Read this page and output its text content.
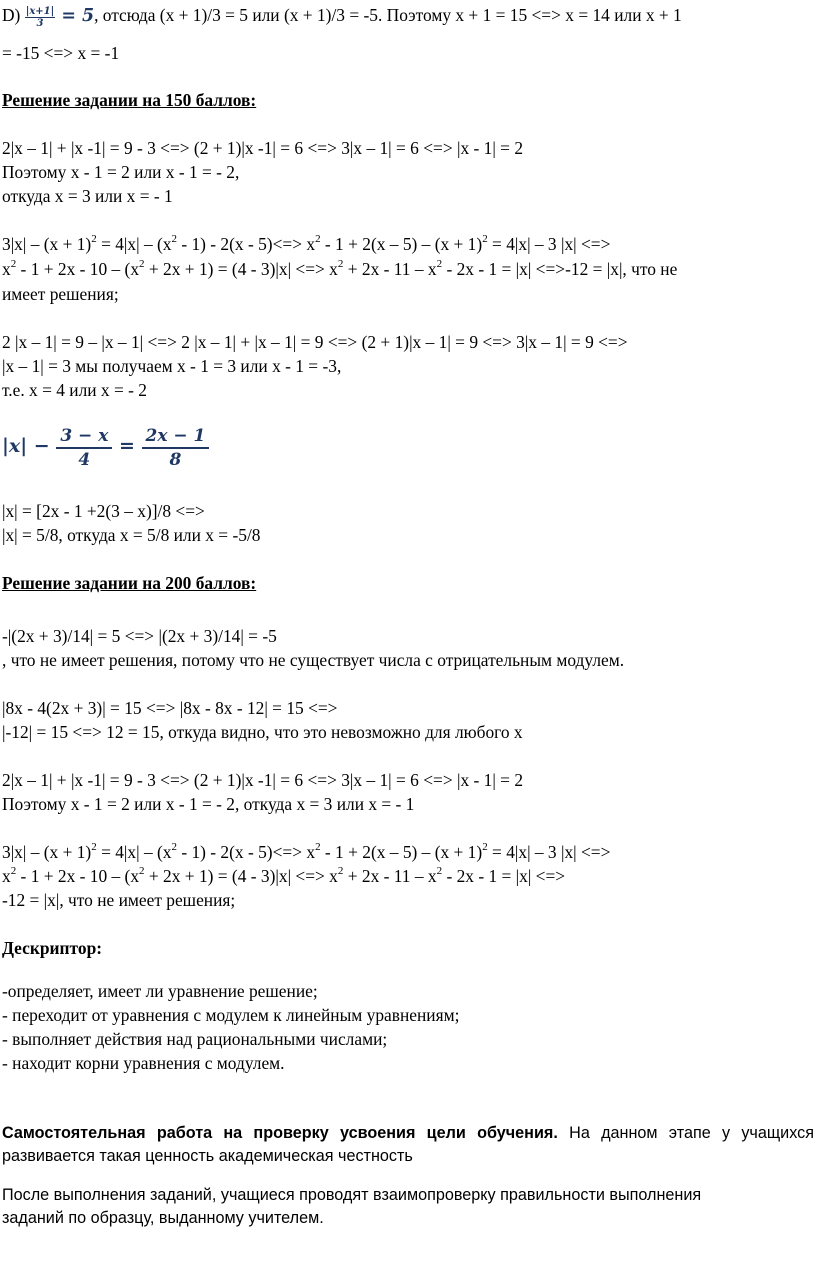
$D) \frac{|x+1|}{3} = 5$, отсюда (x + 1)/3 = 5 или (x + 1)/3 = -5. Поэтому x + 1 = 15 <=> x = 14 или x + 1
= -15 <=> x = -1
Решение задании на 150 баллов:
2|x – 1| + |x -1| = 9 - 3 <=> (2 + 1)|x -1| = 6 <=> 3|x – 1| = 6 <=> |x - 1| = 2
Поэтому x - 1 = 2 или x - 1 = - 2,
откуда x = 3 или x = - 1
$3|x| - (x + 1)^2 = 4|x| - (x^2 - 1) - 2(x - 5)<=> x^2 - 1 + 2(x - 5) - (x + 1)^2 = 4|x| - 3$ |x| <=>
$x^2 - 1 + 2x - 10 - (x^2 + 2x + 1) = (4 - 3)|x|$ <=> $x^2 + 2x - 11 - x^2 - 2x - 1 = |x| <=>-12 = |x|$, что не
имеет решения;
2 |x – 1| = 9 – |x – 1| <=> 2 |x – 1| + |x – 1| = 9 <=> (2 + 1)|x – 1| = 9 <=> 3|x – 1| = 9 <=>
|x – 1| = 3 мы получаем x - 1 = 3 или x - 1 = -3,
т.е. x = 4 или x = - 2
$|x| - \frac{3 - x}{4} = \frac{2x - 1}{8}$
|x| = [2x - 1 +2(3 – x)]/8 <=>
|x| = 5/8, откуда x = 5/8 или x = -5/8
Решение задании на 200 баллов:
-|(2x + 3)/14| = 5 <=> |(2x + 3)/14| = -5
, что не имеет решения, потому что не существует числа с отрицательным модулем.
|8x - 4(2x + 3)| = 15 <=> |8x - 8x - 12| = 15 <=>
|-12| = 15 <=> 12 = 15, откуда видно, что это невозможно для любого x
2|x – 1| + |x -1| = 9 - 3 <=> (2 + 1)|x -1| = 6 <=> 3|x – 1| = 6 <=> |x - 1| = 2
Поэтому x - 1 = 2 или x - 1 = - 2, откуда x = 3 или x = - 1
$3|x| - (x + 1)^2 = 4|x| - (x^2 - 1) - 2(x - 5)<=> x^2 - 1 + 2(x - 5) - (x + 1)^2 = 4|x| - 3$ |x| <=>
$x^2 - 1 + 2x - 10 - (x^2 + 2x + 1) = (4 - 3)|x|$ <=> $x^2 + 2x - 11 - x^2 - 2x - 1 = |x|$ <=>
-12 = |x|, что не имеет решения;
Дескриптор:
-определяет, имеет ли уравнение решение;
- переходит от уравнения с модулем к линейным уравнениям;
- выполняет действия над рациональными числами;
- находит корни уравнения с модулем.
Самостоятельная работа на проверку усвоения цели обучения. На данном этапе у учащихся
развивается такая ценность академическая честность
После выполнения заданий, учащиеся проводят взаимопроверку правильности выполнения
заданий по образцу, выданному учителем.
